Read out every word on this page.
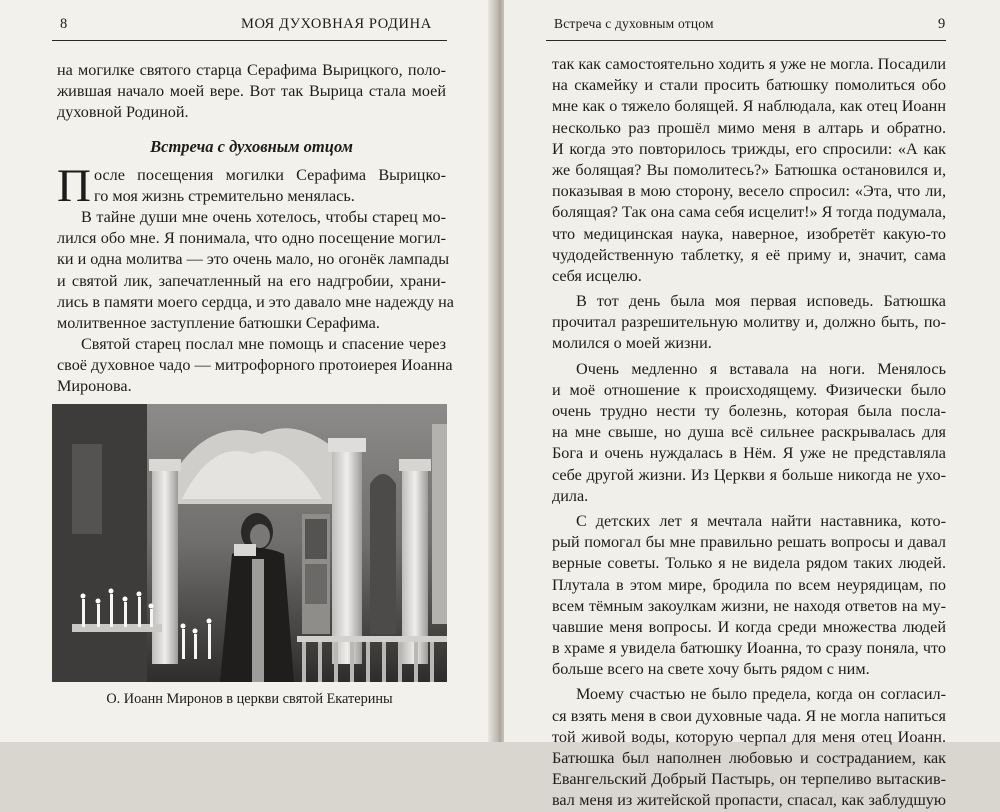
8	МОЯ ДУХОВНАЯ РОДИНА
на могилке святого старца Серафима Вырицкого, поло-
жившая начало моей вере. Вот так Вырица стала моей
духовной Родиной.
Встреча с духовным отцом
П осле посещения могилки Серафима Вырицко-
го моя жизнь стремительно менялась.
В тайне души мне очень хотелось, чтобы старец мо-
лился обо мне. Я понимала, что одно посещение могил-
ки и одна молитва — это очень мало, но огонёк лампады
и святой лик, запечатленный на его надгробии, храни-
лись в памяти моего сердца, и это давало мне надежду на
молитвенное заступление батюшки Серафима.
Святой старец послал мне помощь и спасение через
своё духовное чадо — митрофорного протоиерея Иоанна
Миронова.
О. Иоанн Миронов в церкви святой Екатерины
Встреча с духовным отцом	9
так как самостоятельно ходить я уже не могла. Посадили
на скамейку и стали просить батюшку помолиться обо
мне как о тяжело болящей. Я наблюдала, как отец Иоанн
несколько раз прошёл мимо меня в алтарь и обратно.
И когда это повторилось трижды, его спросили: «А как
же болящая? Вы помолитесь?» Батюшка остановился и,
показывая в мою сторону, весело спросил: «Эта, что ли,
болящая? Так она сама себя исцелит!» Я тогда подумала,
что медицинская наука, наверное, изобретёт какую-то
чудодейственную таблетку, я её приму и, значит, сама
себя исцелю.
В тот день была моя первая исповедь. Батюшка
прочитал разрешительную молитву и, должно быть, по-
молился о моей жизни.
Очень медленно я вставала на ноги. Менялось
и моё отношение к происходящему. Физически было
очень трудно нести ту болезнь, которая была посла-
на мне свыше, но душа всё сильнее раскрывалась для
Бога и очень нуждалась в Нём. Я уже не представляла
себе другой жизни. Из Церкви я больше никогда не ухо-
дила.
С детских лет я мечтала найти наставника, кото-
рый помогал бы мне правильно решать вопросы и давал
верные советы. Только я не видела рядом таких людей.
Плутала в этом мире, бродила по всем неурядицам, по
всем тёмным закоулкам жизни, не находя ответов на му-
чавшие меня вопросы. И когда среди множества людей
в храме я увидела батюшку Иоанна, то сразу поняла, что
больше всего на свете хочу быть рядом с ним.
Моему счастью не было предела, когда он согласил-
ся взять меня в свои духовные чада. Я не могла напиться
той живой воды, которую черпал для меня отец Иоанн.
Батюшка был наполнен любовью и состраданием, как
Евангельский Добрый Пастырь, он терпеливо вытаскив-
вал меня из житейской пропасти, спасал, как заблудшую
